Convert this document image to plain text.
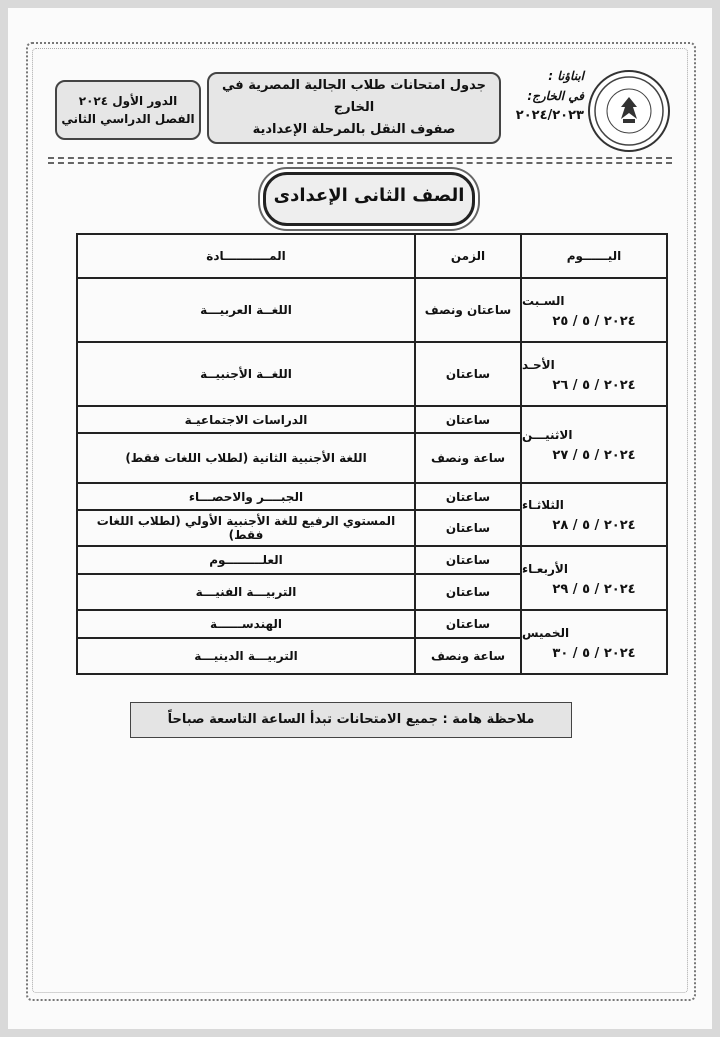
ابناؤنا :
في الخارج:
٢٠٢٤/٢٠٢٣
جدول امتحانات طلاب الجالية المصرية في الخارج
صفوف النقل بالمرحلة الإعدادية
الدور الأول ٢٠٢٤
الفصل الدراسي الثاني
الصف الثانى الإعدادى
اليــــــوم	الزمن	المـــــــــــادة

السـبت
٢٠٢٤ / ٥ / ٢٥	ساعتان ونصف	اللغــة العربيـــة

الأحـد
٢٠٢٤ / ٥ / ٢٦	ساعتان	اللغــة الأجنبيــة

الاثنيـــن
٢٠٢٤ / ٥ / ٢٧	ساعتان	الدراسات الاجتماعيـة
	ساعة ونصف	اللغة الأجنبية الثانية (لطلاب اللغات فقط)

الثلاثـاء
٢٠٢٤ / ٥ / ٢٨	ساعتان	الجبــــر والاحصـــاء
	ساعتان	المستوي الرفيع للغة الأجنبية الأولي (لطلاب اللغات فقط)

الأربعـاء
٢٠٢٤ / ٥ / ٢٩	ساعتان	العلـــــــــوم
	ساعتان	التربيـــة الفنيـــة

الخميس
٢٠٢٤ / ٥ / ٣٠	ساعتان	الهندســــــة
	ساعة ونصف	التربيـــة الدينيـــة
ملاحظة هامة : جميع الامتحانات تبدأ الساعة التاسعة صباحاً
